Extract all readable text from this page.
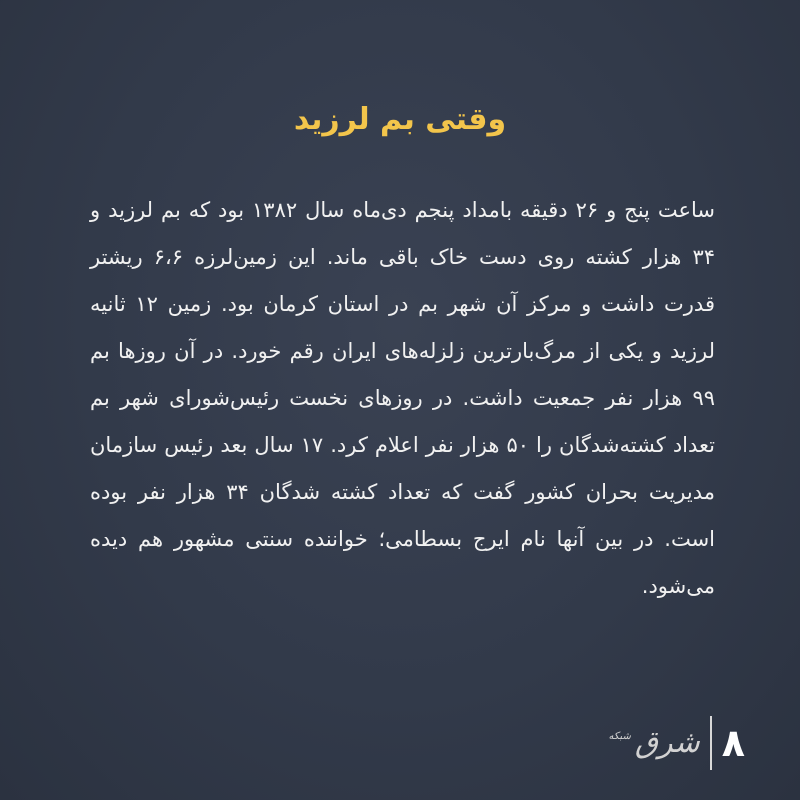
وقتی بم لرزید

ساعت پنج و ۲۶ دقیقه بامداد پنجم دی‌ماه سال ۱۳۸۲ بود که بم لرزید و ۳۴ هزار کشته روی دست خاک باقی ماند. این زمین‌لرزه ۶،۶ ریشتر قدرت داشت و مرکز آن شهر بم در استان کرمان بود. زمین ۱۲ ثانیه لرزید و یکی از مرگ‌بارترین زلزله‌های ایران رقم خورد. در آن روزها بم ۹۹ هزار نفر جمعیت داشت. در روزهای نخست رئیس‌شورای شهر بم تعداد کشته‌شدگان را ۵۰ هزار نفر اعلام کرد. ۱۷ سال بعد رئیس سازمان مدیریت بحران کشور گفت که تعداد کشته شدگان ۳۴ هزار نفر بوده است. در بین آنها نام ایرج بسطامی؛ خواننده سنتی مشهور هم دیده می‌شود.

۸
شرق
شبکه
